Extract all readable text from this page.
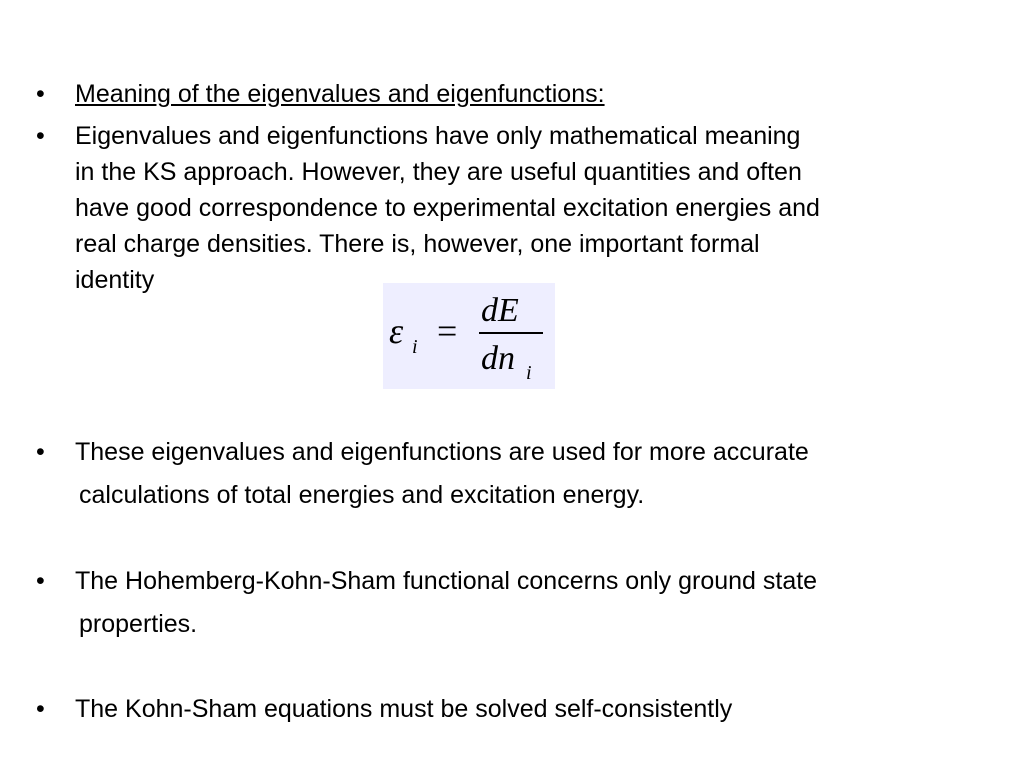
• Meaning of the eigenvalues and eigenfunctions:
• Eigenvalues and eigenfunctions have only mathematical meaning
in the KS approach. However, they are useful quantities and often
have good correspondence to experimental excitation energies and
real charge densities. There is, however, one important formal
identity
ε i =
dE
dn i
• These eigenvalues and eigenfunctions are used for more accurate
calculations of total energies and excitation energy.
• The Hohemberg-Kohn-Sham functional concerns only ground state
properties.
• The Kohn-Sham equations must be solved self-consistently
